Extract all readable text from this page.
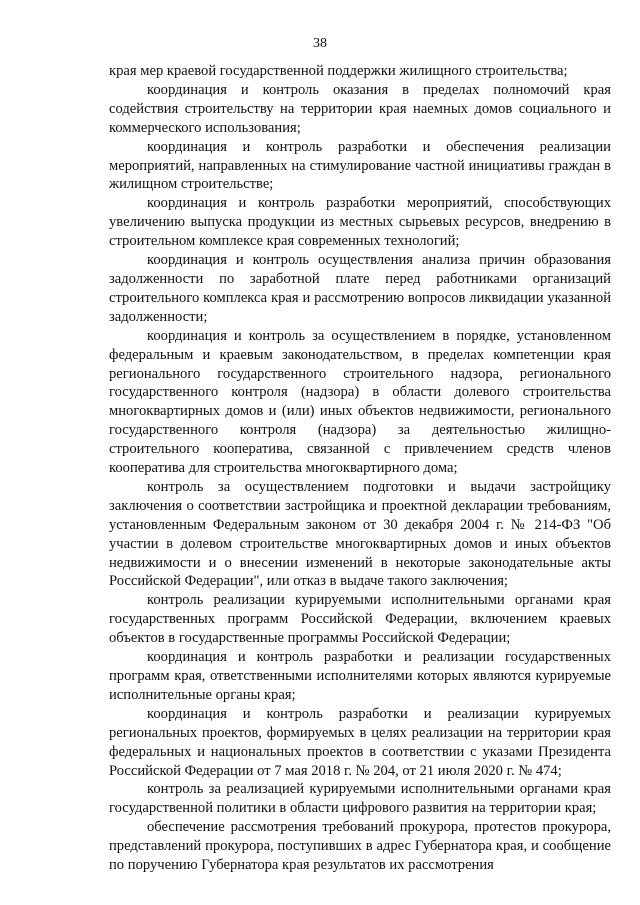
38

края мер краевой государственной поддержки жилищного строительства;

координация и контроль оказания в пределах полномочий края содействия строительству на территории края наемных домов социального и коммерческого использования;

координация и контроль разработки и обеспечения реализации мероприятий, направленных на стимулирование частной инициативы граждан в жилищном строительстве;

координация и контроль разработки мероприятий, способствующих увеличению выпуска продукции из местных сырьевых ресурсов, внедрению в строительном комплексе края современных технологий;

координация и контроль осуществления анализа причин образования задолженности по заработной плате перед работниками организаций строительного комплекса края и рассмотрению вопросов ликвидации указанной задолженности;

координация и контроль за осуществлением в порядке, установленном федеральным и краевым законодательством, в пределах компетенции края регионального государственного строительного надзора, регионального государственного контроля (надзора) в области долевого строительства многоквартирных домов и (или) иных объектов недвижимости, регионального государственного контроля (надзора) за деятельностью жилищно-строительного кооператива, связанной с привлечением средств членов кооператива для строительства многоквартирного дома;

контроль за осуществлением подготовки и выдачи застройщику заключения о соответствии застройщика и проектной декларации требованиям, установленным Федеральным законом от 30 декабря 2004 г. № 214-ФЗ "Об участии в долевом строительстве многоквартирных домов и иных объектов недвижимости и о внесении изменений в некоторые законодательные акты Российской Федерации", или отказ в выдаче такого заключения;

контроль реализации курируемыми исполнительными органами края государственных программ Российской Федерации, включением краевых объектов в государственные программы Российской Федерации;

координация и контроль разработки и реализации государственных программ края, ответственными исполнителями которых являются курируемые исполнительные органы края;

координация и контроль разработки и реализации курируемых региональных проектов, формируемых в целях реализации на территории края федеральных и национальных проектов в соответствии с указами Президента Российской Федерации от 7 мая 2018 г. № 204, от 21 июля 2020 г. № 474;

контроль за реализацией курируемыми исполнительными органами края государственной политики в области цифрового развития на территории края;

обеспечение рассмотрения требований прокурора, протестов прокурора, представлений прокурора, поступивших в адрес Губернатора края, и сообщение по поручению Губернатора края результатов их рассмотрения
